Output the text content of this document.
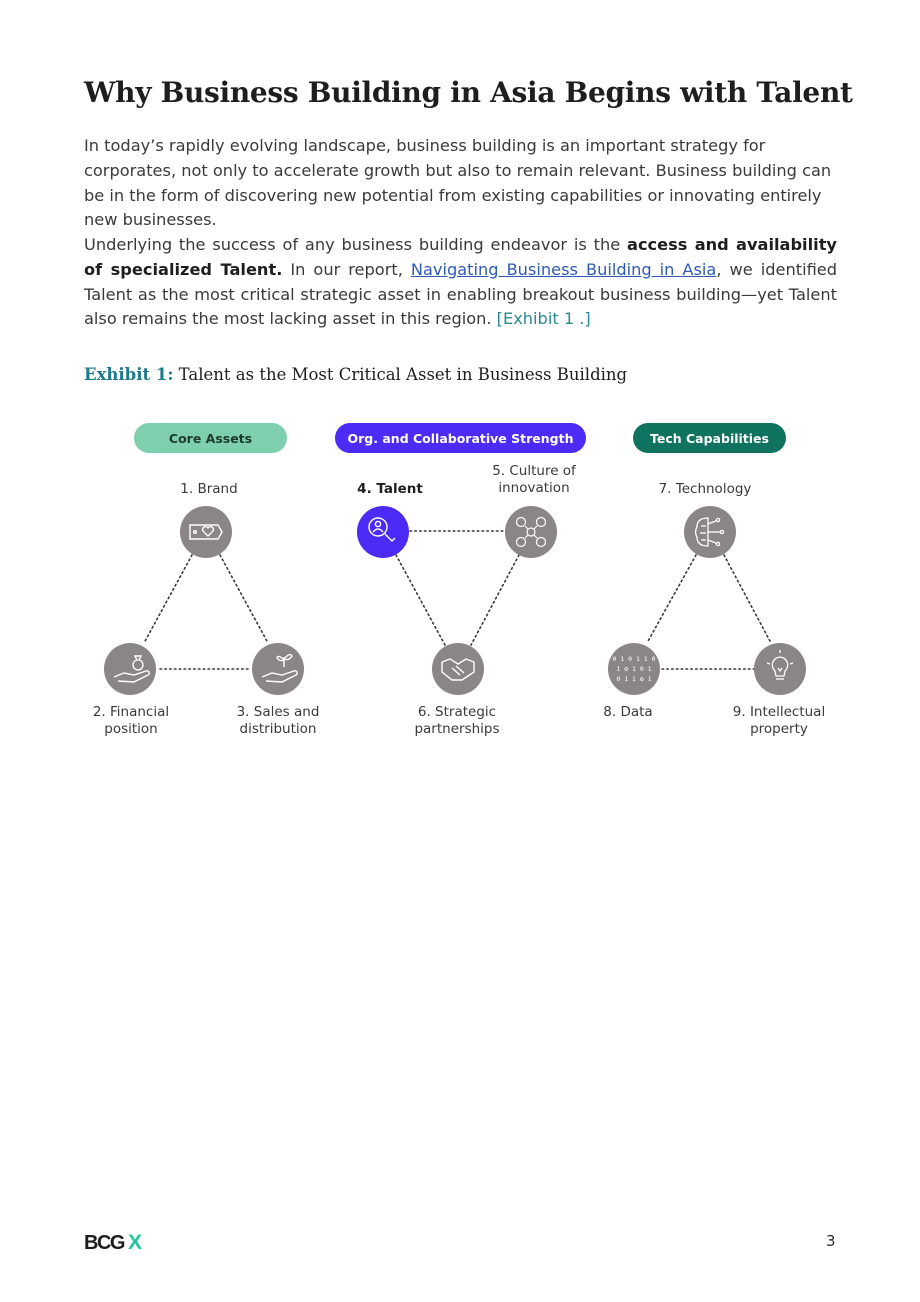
Why Business Building in Asia Begins with Talent

In today’s rapidly evolving landscape, business building is an important strategy for corporates, not only to accelerate growth but also to remain relevant. Business building can be in the form of discovering new potential from existing capabilities or innovating entirely new businesses.

Underlying the success of any business building endeavor is the access and availability of specialized Talent. In our report, Navigating Business Building in Asia, we identified Talent as the most critical strategic asset in enabling breakout business building—yet Talent also remains the most lacking asset in this region. [Exhibit 1 .]

Exhibit 1: Talent as the Most Critical Asset in Business Building
Core Assets	Org. and Collaborative Strength	Tech Capabilities
1. Brand
2. Financial
position
3. Sales and
distribution
4. Talent
5. Culture of
innovation
6. Strategic
partnerships
7. Technology
0 1 0 1 1 0
1 ⚙ 1 0 1
0 1 1 ⚙ 1
8. Data	9. Intellectual
property
BCG X	3
